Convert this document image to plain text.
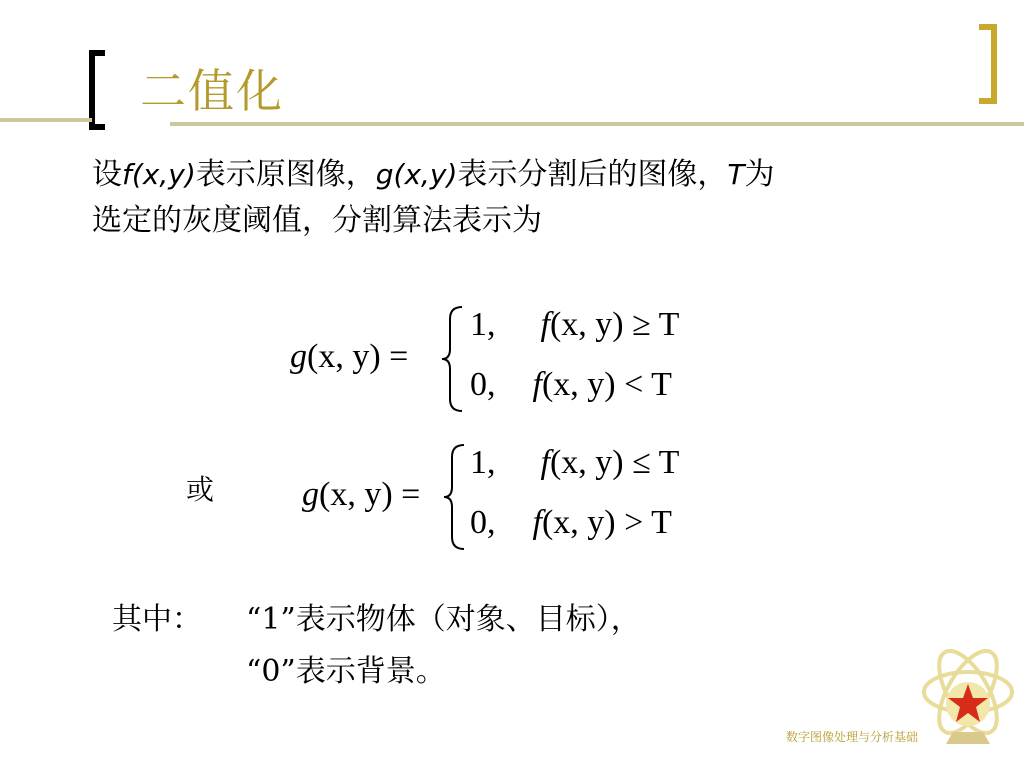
二值化
设f(x,y)表示原图像，g(x,y)表示分割后的图像，T为
选定的灰度阈值，分割算法表示为
g(x, y) =
1, f(x, y) ≥ T
0, f(x, y) < T
或	g(x, y) =
1, f(x, y) ≤ T
0, f(x, y) > T
其中： “1”表示物体（对象、目标），
“0”表示背景。
数字图像处理与分析基础
